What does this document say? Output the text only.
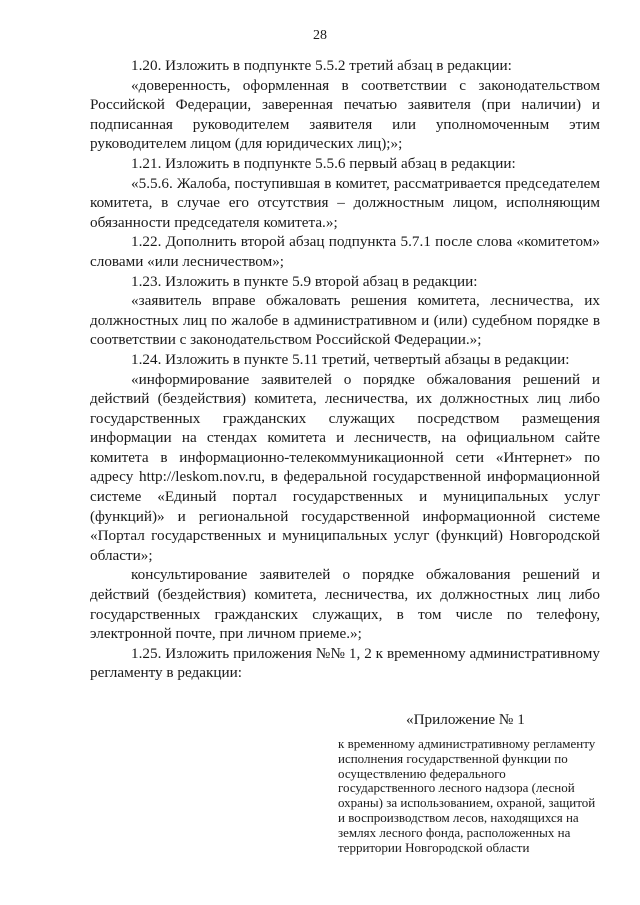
28

1.20. Изложить в подпункте 5.5.2 третий абзац в редакции:

«доверенность, оформленная в соответствии с законодательством Российской Федерации, заверенная печатью заявителя (при наличии) и подписанная руководителем заявителя или уполномоченным этим руководителем лицом (для юридических лиц);»;

1.21. Изложить в подпункте 5.5.6 первый абзац в редакции:

«5.5.6. Жалоба, поступившая в комитет, рассматривается председателем комитета, в случае его отсутствия – должностным лицом, исполняющим обязанности председателя комитета.»;

1.22. Дополнить второй абзац подпункта 5.7.1 после слова «комитетом» словами «или лесничеством»;

1.23. Изложить в пункте 5.9 второй абзац в редакции:

«заявитель вправе обжаловать решения комитета, лесничества, их должностных лиц по жалобе в административном и (или) судебном порядке в соответствии с законодательством Российской Федерации.»;

1.24. Изложить в пункте 5.11 третий, четвертый абзацы в редакции:

«информирование заявителей о порядке обжалования решений и действий (бездействия) комитета, лесничества, их должностных лиц либо государственных гражданских служащих посредством размещения информации на стендах комитета и лесничеств, на официальном сайте комитета в информационно-телекоммуникационной сети «Интернет» по адресу http://leskom.nov.ru, в федеральной государственной информационной системе «Единый портал государственных и муниципальных услуг (функций)» и региональной государственной информационной системе «Портал государственных и муниципальных услуг (функций) Новгородской области»;

консультирование заявителей о порядке обжалования решений и действий (бездействия) комитета, лесничества, их должностных лиц либо государственных гражданских служащих, в том числе по телефону, электронной почте, при личном приеме.»;

1.25. Изложить приложения №№ 1, 2 к временному административному регламенту в редакции:

«Приложение № 1
к временному административному регламенту исполнения государственной функции по осуществлению федерального государственного лесного надзора (лесной охраны) за использованием, охраной, защитой и воспроизводством лесов, находящихся на землях лесного фонда, расположенных на территории Новгородской области
